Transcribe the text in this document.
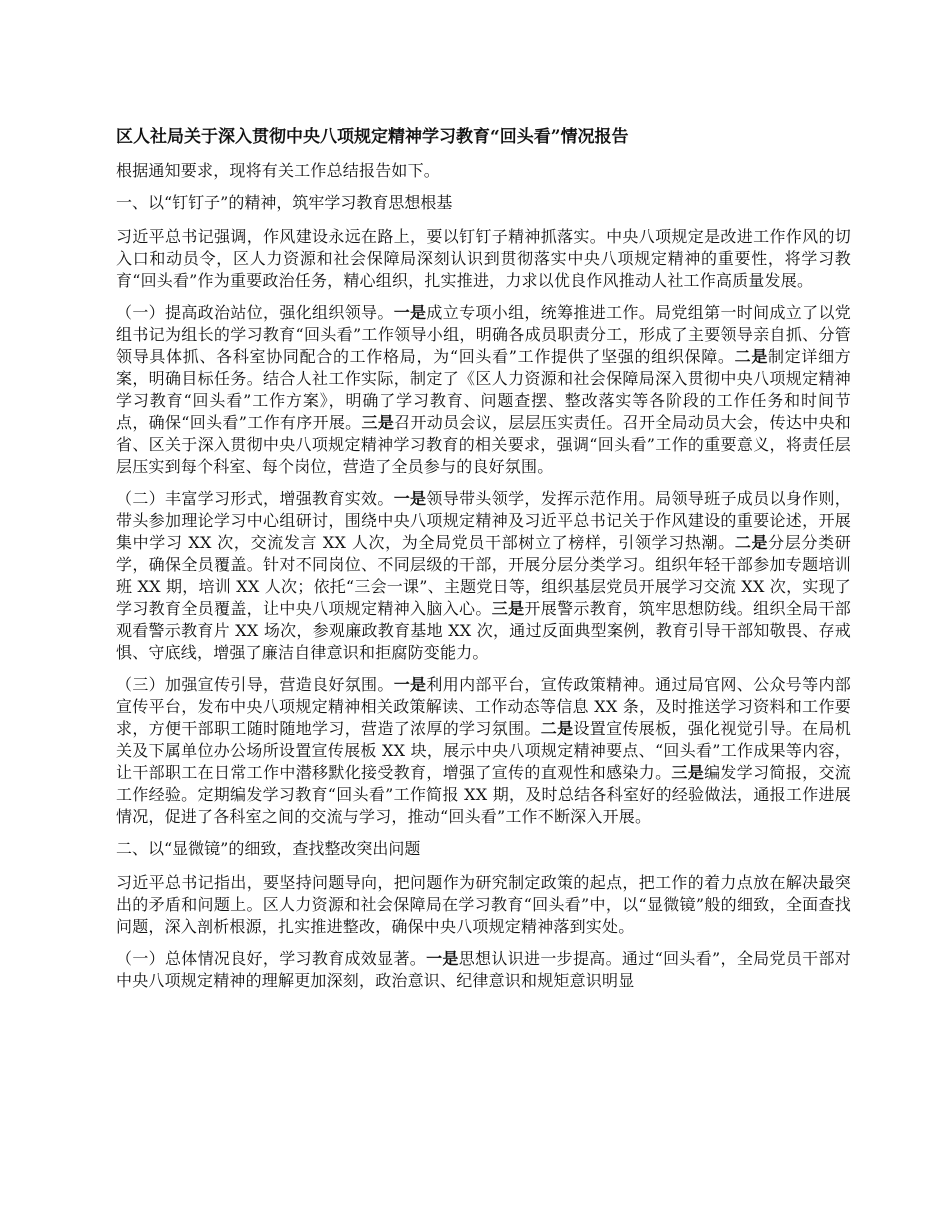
区人社局关于深入贯彻中央八项规定精神学习教育“回头看”情况报告
根据通知要求，现将有关工作总结报告如下。
一、以“钉钉子”的精神，筑牢学习教育思想根基
习近平总书记强调，作风建设永远在路上，要以钉钉子精神抓落实。中央八项规定是改进工作作风的切入口和动员令，区人力资源和社会保障局深刻认识到贯彻落实中央八项规定精神的重要性，将学习教育“回头看”作为重要政治任务，精心组织，扎实推进，力求以优良作风推动人社工作高质量发展。
（一）提高政治站位，强化组织领导。一是成立专项小组，统筹推进工作。局党组第一时间成立了以党组书记为组长的学习教育“回头看”工作领导小组，明确各成员职责分工，形成了主要领导亲自抓、分管领导具体抓、各科室协同配合的工作格局，为“回头看”工作提供了坚强的组织保障。二是制定详细方案，明确目标任务。结合人社工作实际，制定了《区人力资源和社会保障局深入贯彻中央八项规定精神学习教育“回头看”工作方案》，明确了学习教育、问题查摆、整改落实等各阶段的工作任务和时间节点，确保“回头看”工作有序开展。三是召开动员会议，层层压实责任。召开全局动员大会，传达中央和省、区关于深入贯彻中央八项规定精神学习教育的相关要求，强调“回头看”工作的重要意义，将责任层层压实到每个科室、每个岗位，营造了全员参与的良好氛围。
（二）丰富学习形式，增强教育实效。一是领导带头领学，发挥示范作用。局领导班子成员以身作则，带头参加理论学习中心组研讨，围绕中央八项规定精神及习近平总书记关于作风建设的重要论述，开展集中学习 XX 次，交流发言 XX 人次，为全局党员干部树立了榜样，引领学习热潮。二是分层分类研学，确保全员覆盖。针对不同岗位、不同层级的干部，开展分层分类学习。组织年轻干部参加专题培训班 XX 期，培训 XX 人次；依托“三会一课”、主题党日等，组织基层党员开展学习交流 XX 次，实现了学习教育全员覆盖，让中央八项规定精神入脑入心。三是开展警示教育，筑牢思想防线。组织全局干部观看警示教育片 XX 场次，参观廉政教育基地 XX 次，通过反面典型案例，教育引导干部知敬畏、存戒惧、守底线，增强了廉洁自律意识和拒腐防变能力。
（三）加强宣传引导，营造良好氛围。一是利用内部平台，宣传政策精神。通过局官网、公众号等内部宣传平台，发布中央八项规定精神相关政策解读、工作动态等信息 XX 条，及时推送学习资料和工作要求，方便干部职工随时随地学习，营造了浓厚的学习氛围。二是设置宣传展板，强化视觉引导。在局机关及下属单位办公场所设置宣传展板 XX 块，展示中央八项规定精神要点、“回头看”工作成果等内容，让干部职工在日常工作中潜移默化接受教育，增强了宣传的直观性和感染力。三是编发学习简报，交流工作经验。定期编发学习教育“回头看”工作简报 XX 期，及时总结各科室好的经验做法，通报工作进展情况，促进了各科室之间的交流与学习，推动“回头看”工作不断深入开展。
二、以“显微镜”的细致，查找整改突出问题
习近平总书记指出，要坚持问题导向，把问题作为研究制定政策的起点，把工作的着力点放在解决最突出的矛盾和问题上。区人力资源和社会保障局在学习教育“回头看”中，以“显微镜”般的细致，全面查找问题，深入剖析根源，扎实推进整改，确保中央八项规定精神落到实处。
（一）总体情况良好，学习教育成效显著。一是思想认识进一步提高。通过“回头看”，全局党员干部对中央八项规定精神的理解更加深刻，政治意识、纪律意识和规矩意识明显
